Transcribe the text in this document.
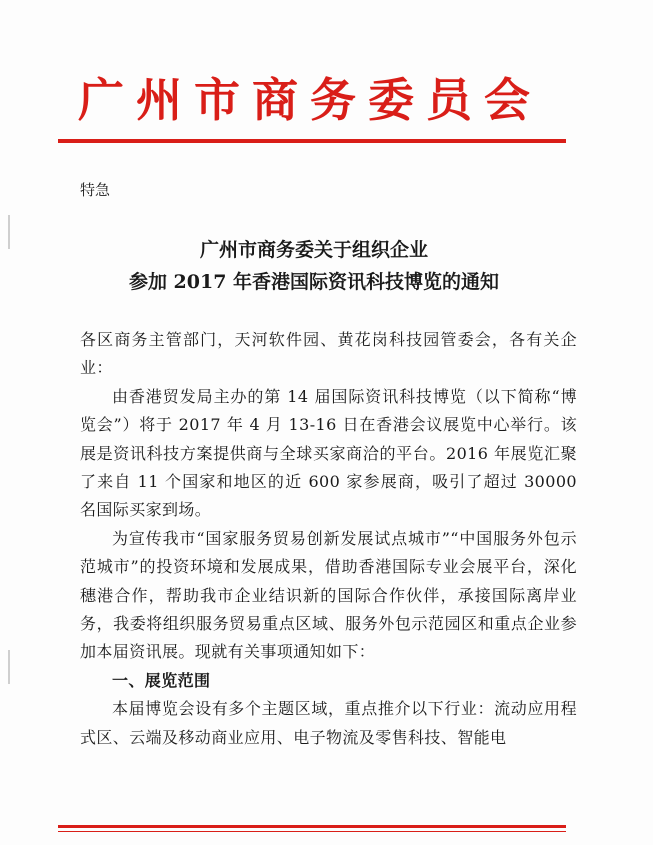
广州市商务委员会
特急
广州市商务委关于组织企业
参加 2017 年香港国际资讯科技博览的通知

各区商务主管部门，天河软件园、黄花岗科技园管委会，各有关企业：

由香港贸发局主办的第 14 届国际资讯科技博览（以下简称“博览会”）将于 2017 年 4 月 13-16 日在香港会议展览中心举行。该展是资讯科技方案提供商与全球买家商洽的平台。2016 年展览汇聚了来自 11 个国家和地区的近 600 家参展商，吸引了超过 30000 名国际买家到场。

为宣传我市“国家服务贸易创新发展试点城市”“中国服务外包示范城市”的投资环境和发展成果，借助香港国际专业会展平台，深化穗港合作，帮助我市企业结识新的国际合作伙伴，承接国际离岸业务，我委将组织服务贸易重点区域、服务外包示范园区和重点企业参加本届资讯展。现就有关事项通知如下：

一、展览范围

本届博览会设有多个主题区域，重点推介以下行业：流动应用程式区、云端及移动商业应用、电子物流及零售科技、智能电
